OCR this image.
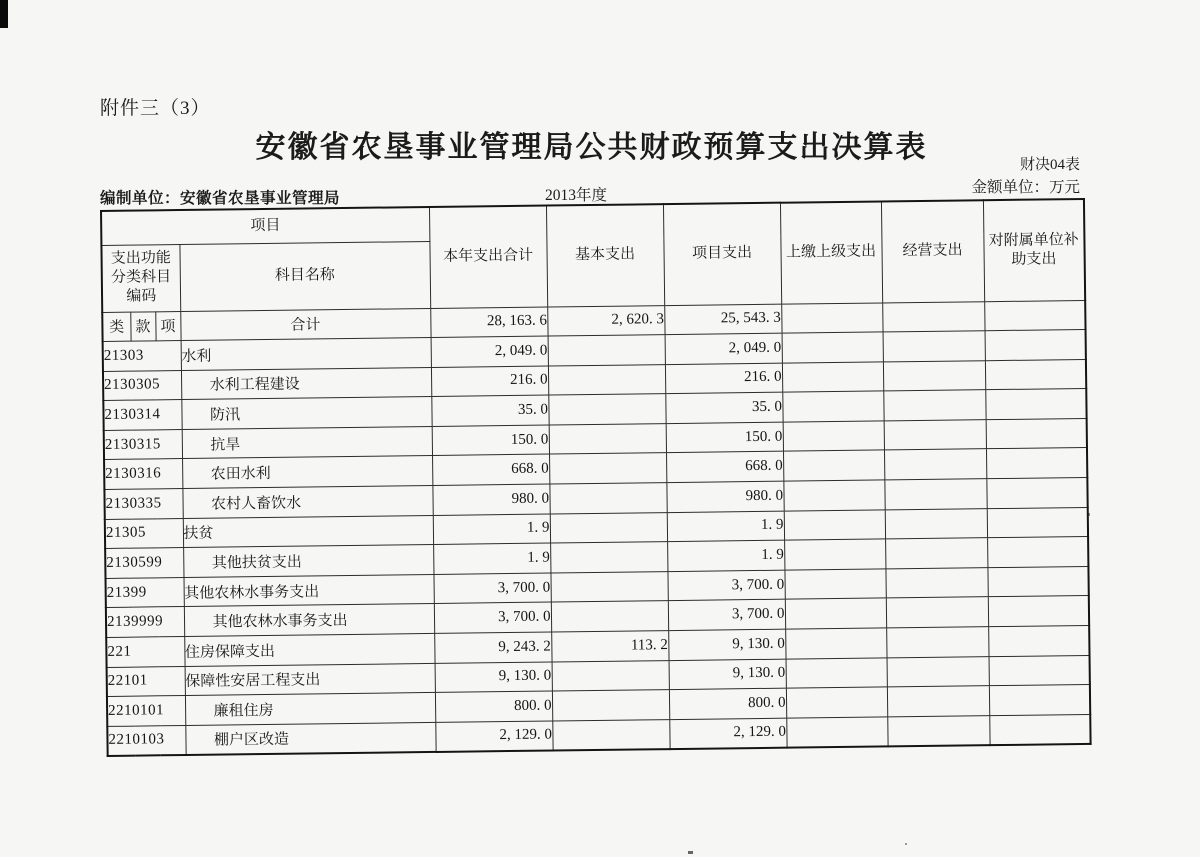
附件三（3）
安徽省农垦事业管理局公共财政预算支出决算表
财决04表
金额单位：万元
编制单位：安徽省农垦事业管理局	2013年度
项目				本年支出合计	基本支出	项目支出	上缴上级支出	经营支出	对附属单位补
助支出
支出功能
分类科目
编码			科目名称						
类	款	项	合计	28, 163. 6	2, 620. 3	25, 543. 3			
21303			水利	2, 049. 0		2, 049. 0			
2130305			水利工程建设	216. 0		216. 0			
2130314			防汛	35. 0		35. 0			
2130315			抗旱	150. 0		150. 0			
2130316			农田水利	668. 0		668. 0			
2130335			农村人畜饮水	980. 0		980. 0			
21305			扶贫	1. 9		1. 9			
2130599			其他扶贫支出	1. 9		1. 9			
21399			其他农林水事务支出	3, 700. 0		3, 700. 0			
2139999			其他农林水事务支出	3, 700. 0		3, 700. 0			
221			住房保障支出	9, 243. 2	113. 2	9, 130. 0			
22101			保障性安居工程支出	9, 130. 0		9, 130. 0			
2210101			廉租住房	800. 0		800. 0			
2210103			棚户区改造	2, 129. 0		2, 129. 0			
